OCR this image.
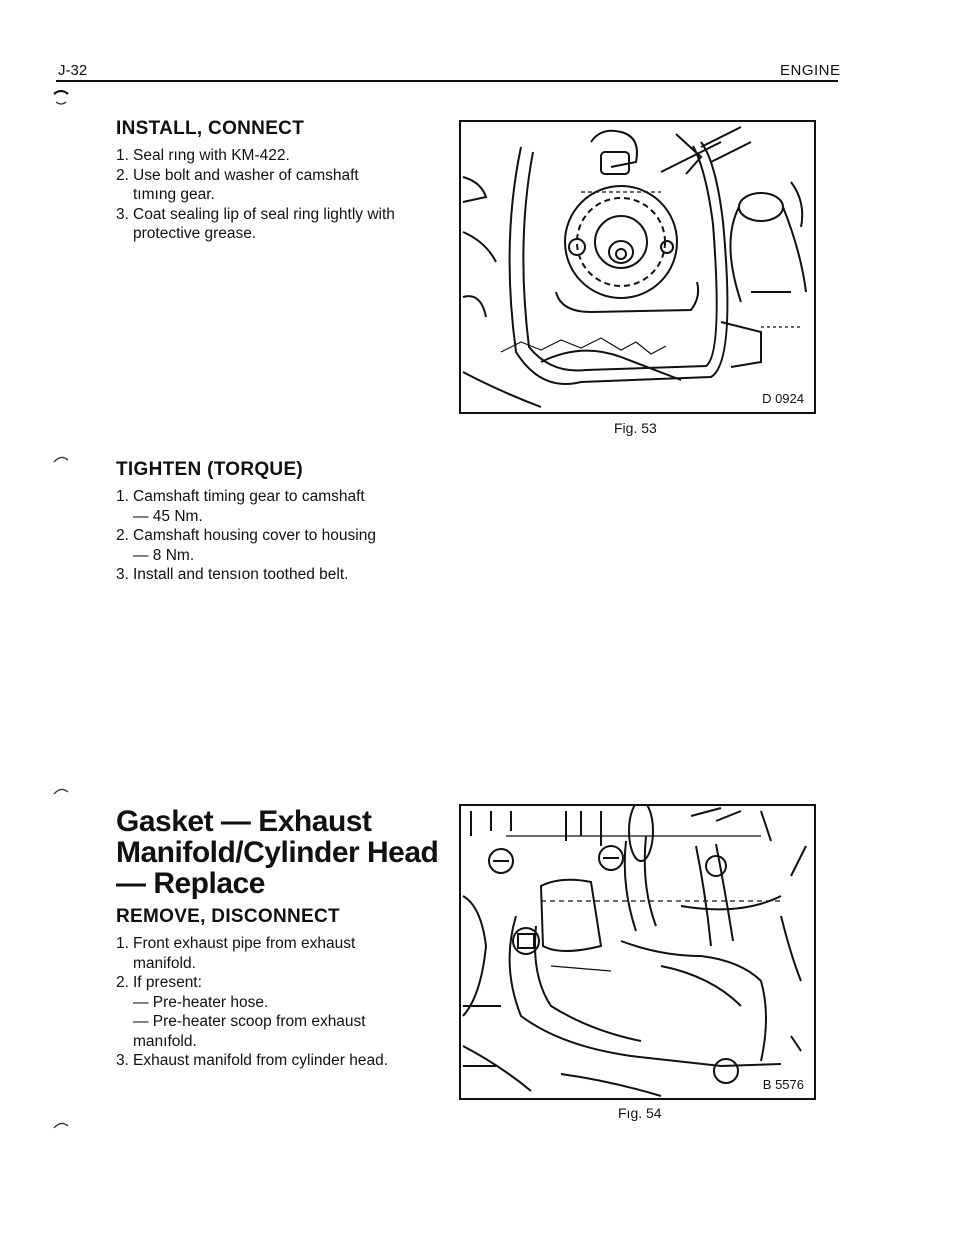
J-32	ENGINE
INSTALL, CONNECT
1. Seal rıng with KM-422.
2. Use bolt and washer of camshaft tımıng gear.
3. Coat sealing lip of seal ring lightly with protective grease.
D 0924
Fig. 53
TIGHTEN (TORQUE)
1. Camshaft timing gear to camshaft
— 45 Nm.
2. Camshaft housing cover to housing
— 8 Nm.
3. Install and tensıon toothed belt.
Gasket — Exhaust Manifold/Cylinder Head — Replace
REMOVE, DISCONNECT
1. Front exhaust pipe from exhaust manifold.
2. If present:
— Pre-heater hose.
— Pre-heater scoop from exhaust manıfold.
3. Exhaust manifold from cylinder head.
B 5576
Fıg. 54
